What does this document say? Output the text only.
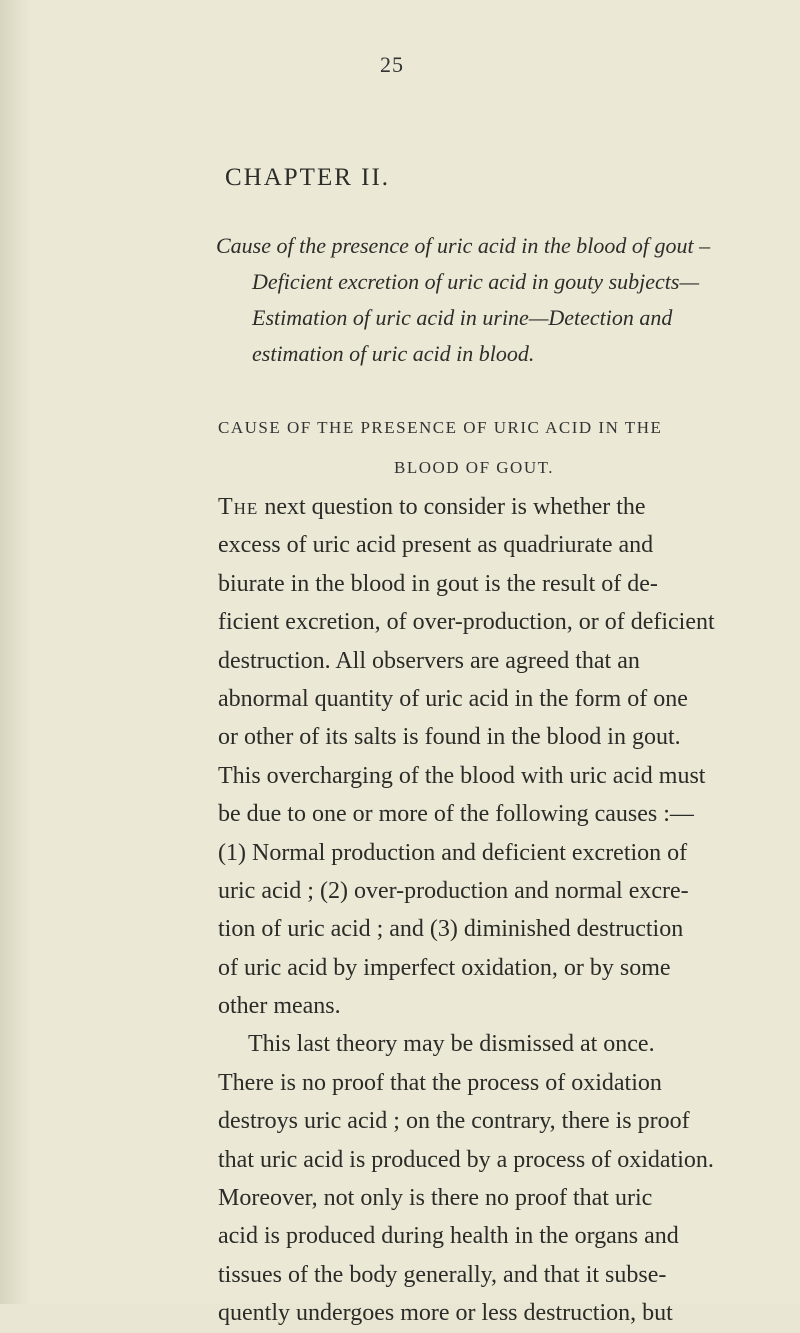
25
CHAPTER II.
Cause of the presence of uric acid in the blood of gout –
Deficient excretion of uric acid in gouty subjects—
Estimation of uric acid in urine—Detection and
estimation of uric acid in blood.
CAUSE OF THE PRESENCE OF URIC ACID IN THE
BLOOD OF GOUT.
The next question to consider is whether the
excess of uric acid present as quadriurate and
biurate in the blood in gout is the result of de-
ficient excretion, of over-production, or of deficient
destruction. All observers are agreed that an
abnormal quantity of uric acid in the form of one
or other of its salts is found in the blood in gout.
This overcharging of the blood with uric acid must
be due to one or more of the following causes :—
(1) Normal production and deficient excretion of
uric acid ; (2) over-production and normal excre-
tion of uric acid ; and (3) diminished destruction
of uric acid by imperfect oxidation, or by some
other means.
This last theory may be dismissed at once.
There is no proof that the process of oxidation
destroys uric acid ; on the contrary, there is proof
that uric acid is produced by a process of oxidation.
Moreover, not only is there no proof that uric
acid is produced during health in the organs and
tissues of the body generally, and that it subse-
quently undergoes more or less destruction, but
